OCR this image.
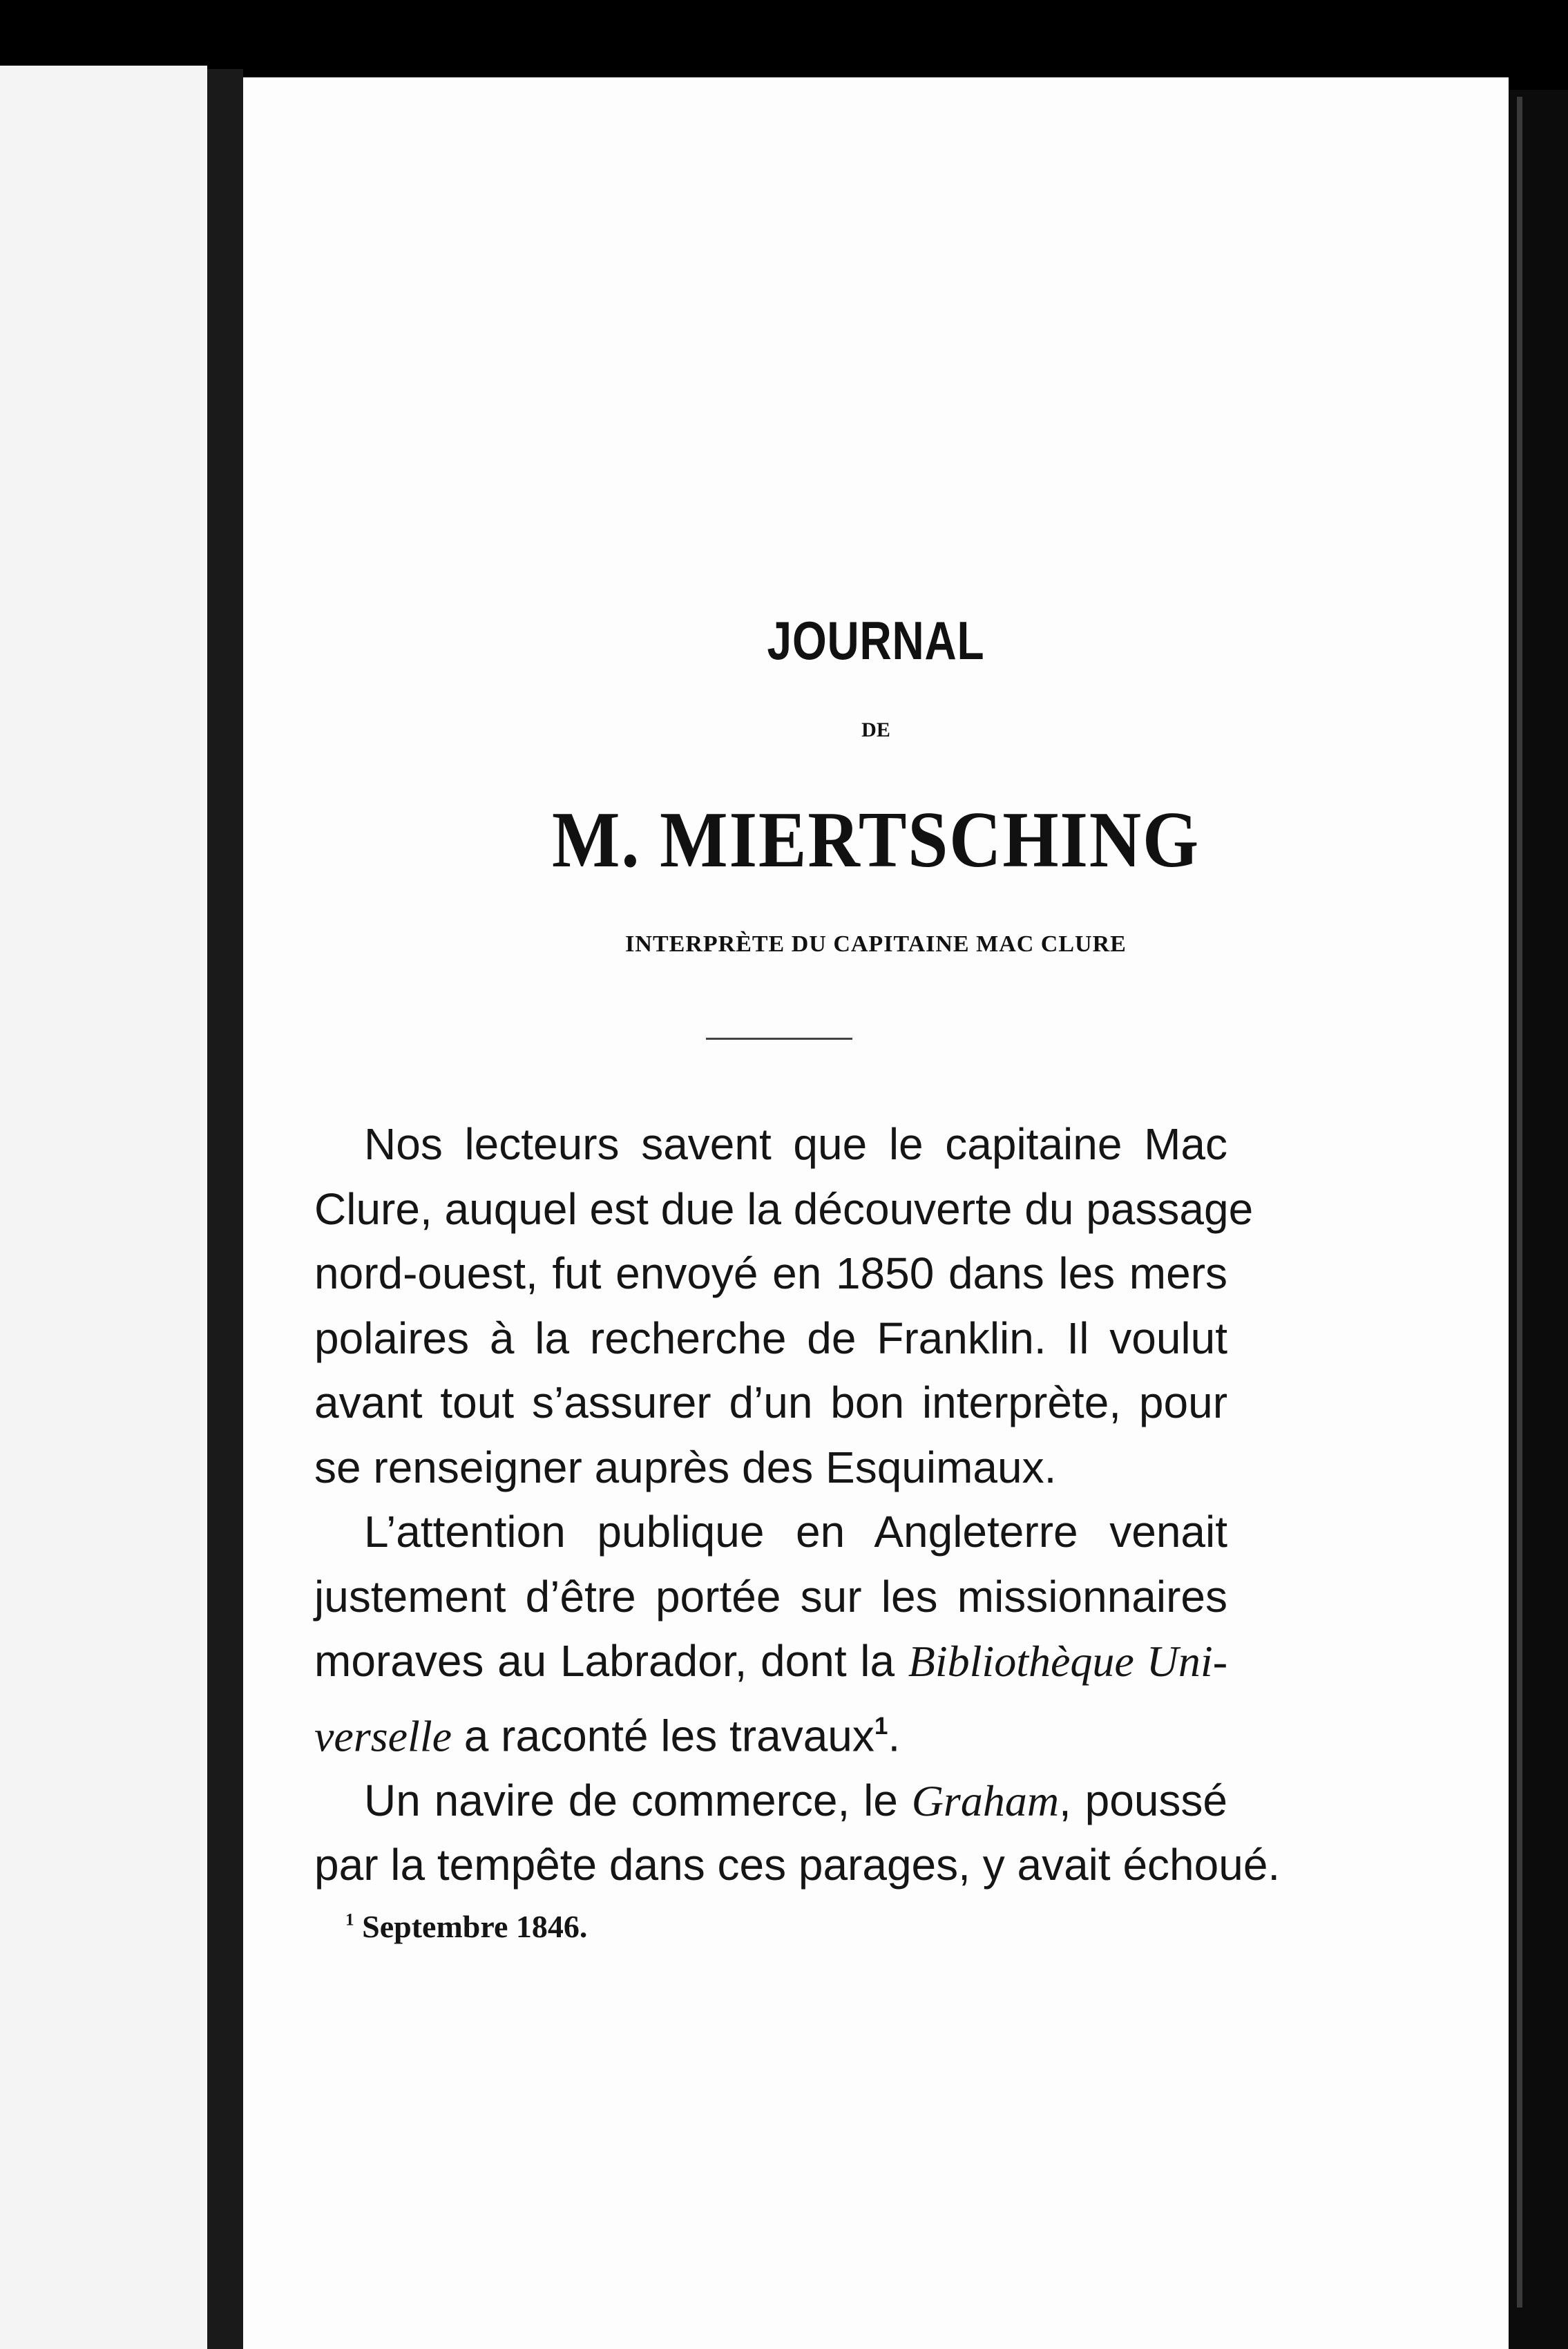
JOURNAL
DE
M. MIERTSCHING
INTERPRÈTE DU CAPITAINE MAC CLURE
Nos lecteurs savent que le capitaine Mac
Clure, auquel est due la découverte du passage
nord-ouest, fut envoyé en 1850 dans les mers
polaires à la recherche de Franklin. Il voulut
avant tout s’assurer d’un bon interprète, pour
se renseigner auprès des Esquimaux.
L’attention publique en Angleterre venait
justement d’être portée sur les missionnaires
moraves au Labrador, dont la Bibliothèque Uni-
verselle a raconté les travaux$^1$.
Un navire de commerce, le Graham, poussé
par la tempête dans ces parages, y avait échoué.
$^1$ Septembre 1846.
